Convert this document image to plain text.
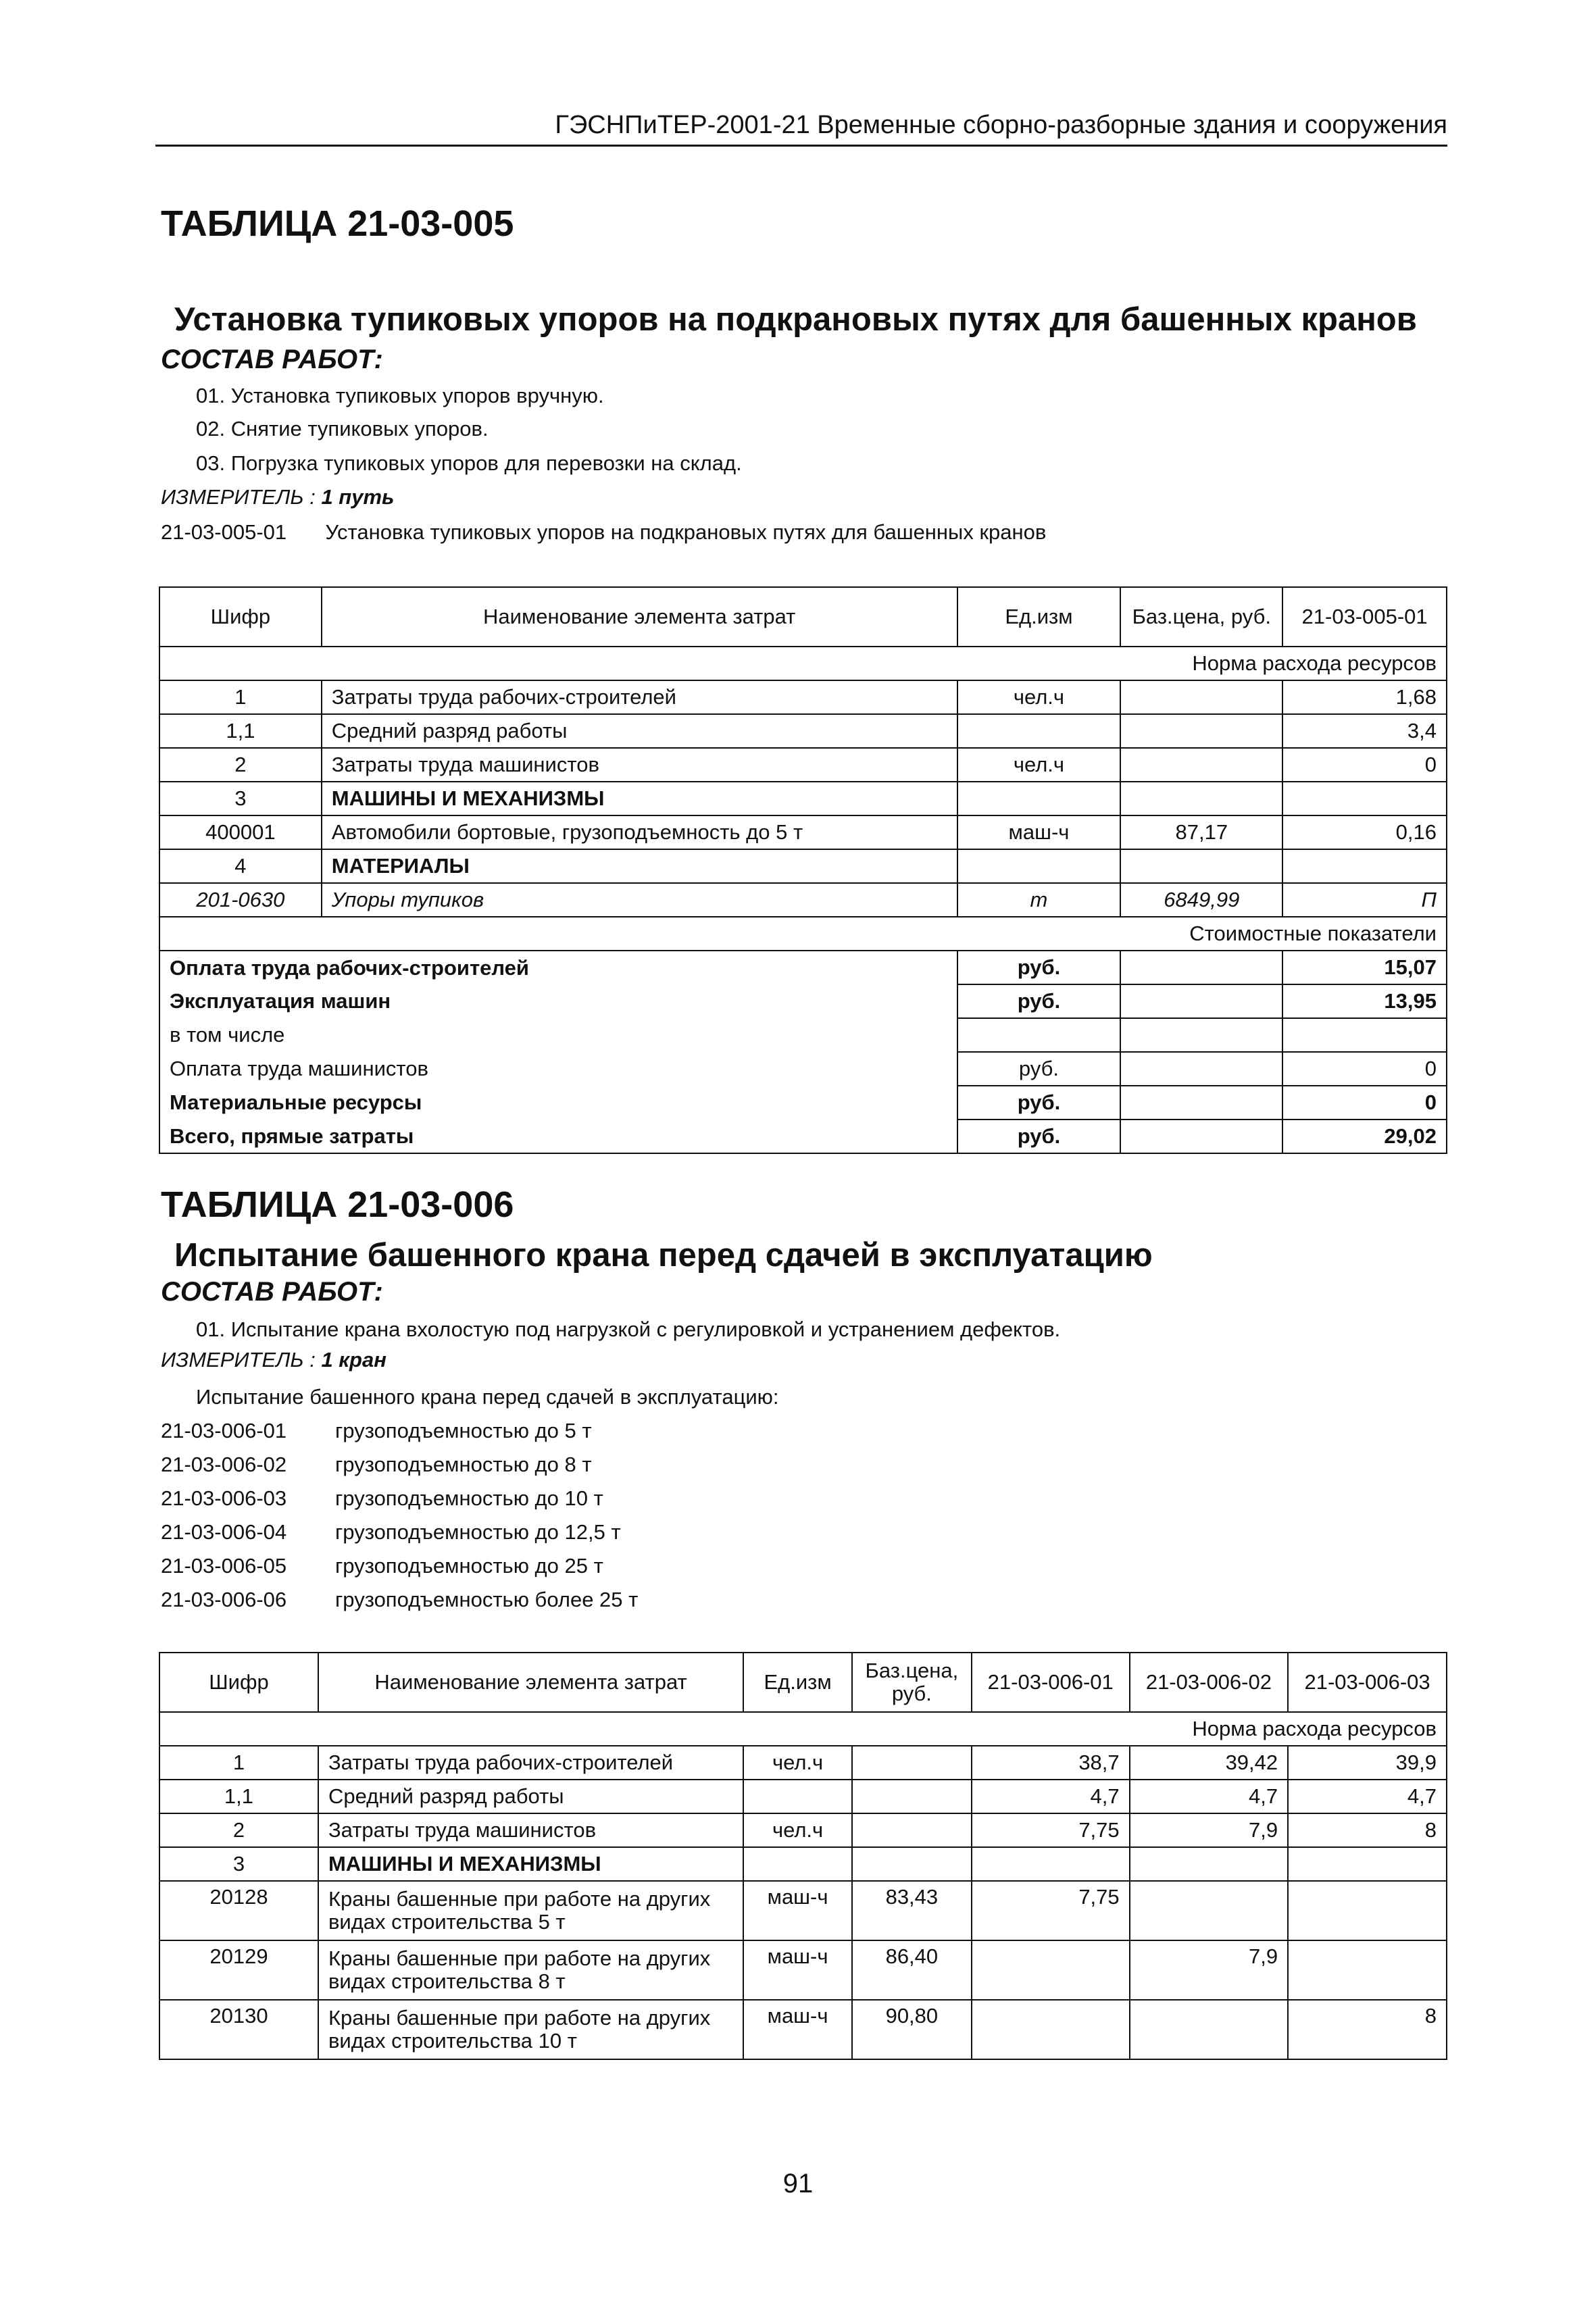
ГЭСНПиТЕР-2001-21 Временные сборно-разборные здания и сооружения
ТАБЛИЦА 21-03-005
Установка тупиковых упоров на подкрановых путях для башенных кранов
СОСТАВ РАБОТ:
01. Установка тупиковых упоров вручную.
02. Снятие тупиковых упоров.
03. Погрузка тупиковых упоров для перевозки на склад.
ИЗМЕРИТЕЛЬ : 1 путь
21-03-005-01 Установка тупиковых упоров на подкрановых путях для башенных кранов
Шифр	Наименование элемента затрат	Ед.изм	Баз.цена, руб.	21-03-005-01
Норма расхода ресурсов				
1	Затраты труда рабочих-строителей	чел.ч		1,68
1,1	Средний разряд работы			3,4
2	Затраты труда машинистов	чел.ч		0
3	МАШИНЫ И МЕХАНИЗМЫ			
400001	Автомобили бортовые, грузоподъемность до 5 т	маш-ч	87,17	0,16
4	МАТЕРИАЛЫ			
201-0630	Упоры тупиков	т	6849,99	П
Стоимостные показатели				
Оплата труда рабочих-строителей		руб.		15,07
Эксплуатация машин		руб.		13,95
в том числе				
Оплата труда машинистов		руб.		0
Материальные ресурсы		руб.		0
Всего, прямые затраты		руб.		29,02
ТАБЛИЦА 21-03-006
Испытание башенного крана перед сдачей в эксплуатацию
СОСТАВ РАБОТ:
01. Испытание крана вхолостую под нагрузкой с регулировкой и устранением дефектов.
ИЗМЕРИТЕЛЬ : 1 кран
Испытание башенного крана перед сдачей в эксплуатацию:
21-03-006-01 грузоподъемностью до 5 т
21-03-006-02 грузоподъемностью до 8 т
21-03-006-03 грузоподъемностью до 10 т
21-03-006-04 грузоподъемностью до 12,5 т
21-03-006-05 грузоподъемностью до 25 т
21-03-006-06 грузоподъемностью более 25 т
Шифр	Наименование элемента затрат	Ед.изм	Баз.цена, руб.	21-03-006-01	21-03-006-02	21-03-006-03
Норма расхода ресурсов						
1	Затраты труда рабочих-строителей	чел.ч		38,7	39,42	39,9
1,1	Средний разряд работы			4,7	4,7	4,7
2	Затраты труда машинистов	чел.ч		7,75	7,9	8
3	МАШИНЫ И МЕХАНИЗМЫ					
20128	Краны башенные при работе на других видах строительства 5 т	маш-ч	83,43	7,75		
20129	Краны башенные при работе на других видах строительства 8 т	маш-ч	86,40		7,9	
20130	Краны башенные при работе на других видах строительства 10 т	маш-ч	90,80			8
91
